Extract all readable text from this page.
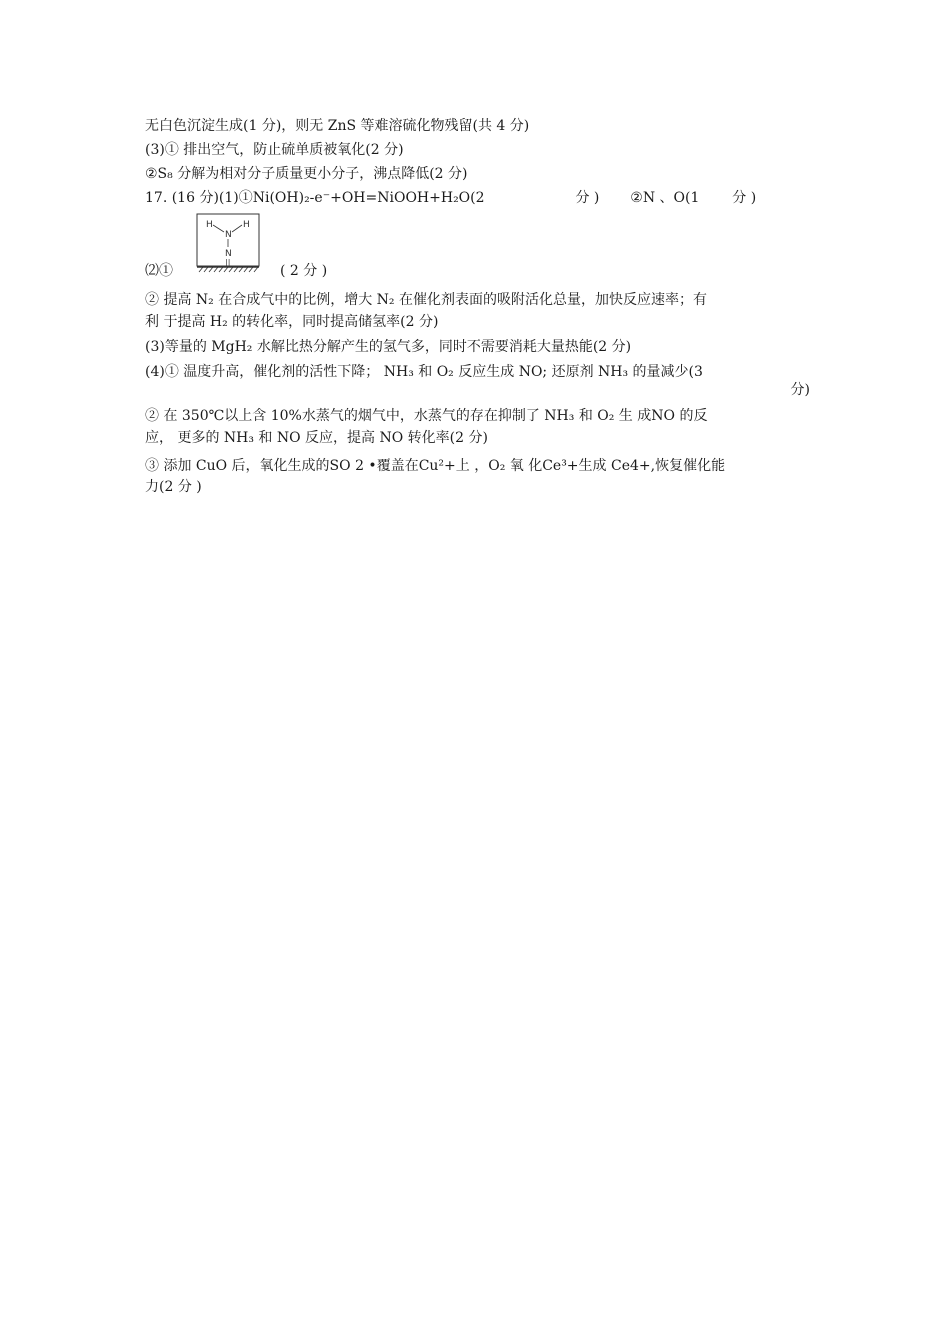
无白色沉淀生成(1 分)，则无 ZnS 等难溶硫化物残留(共 4 分)
(3)① 排出空气，防止硫单质被氧化(2 分)
②S₈ 分解为相对分子质量更小分子，沸点降低(2 分)
17. (16 分)(1)①Ni(OH)₂-e⁻+OH=NiOOH+H₂O(2	分 ) ②N 、O(1 分 )
H
N
H
N
||
⑵①	( 2 分 )
② 提高 N₂ 在合成气中的比例，增大 N₂ 在催化剂表面的吸附活化总量，加快反应速率；有
利 于提高 H₂ 的转化率，同时提高储氢率(2 分)
(3)等量的 MgH₂ 水解比热分解产生的氢气多，同时不需要消耗大量热能(2 分)
(4)① 温度升高，催化剂的活性下降； NH₃ 和 O₂ 反应生成 NO; 还原剂 NH₃ 的量减少(3
分)
② 在 350℃以上含 10%水蒸气的烟气中，水蒸气的存在抑制了 NH₃ 和 O₂ 生 成NO 的反
应， 更多的 NH₃ 和 NO 反应，提高 NO 转化率(2 分)
③ 添加 CuO 后，氧化生成的SO 2 •覆盖在Cu²+上 ，O₂ 氧 化Ce³+生成 Ce4+,恢复催化能
力(2 分 )
